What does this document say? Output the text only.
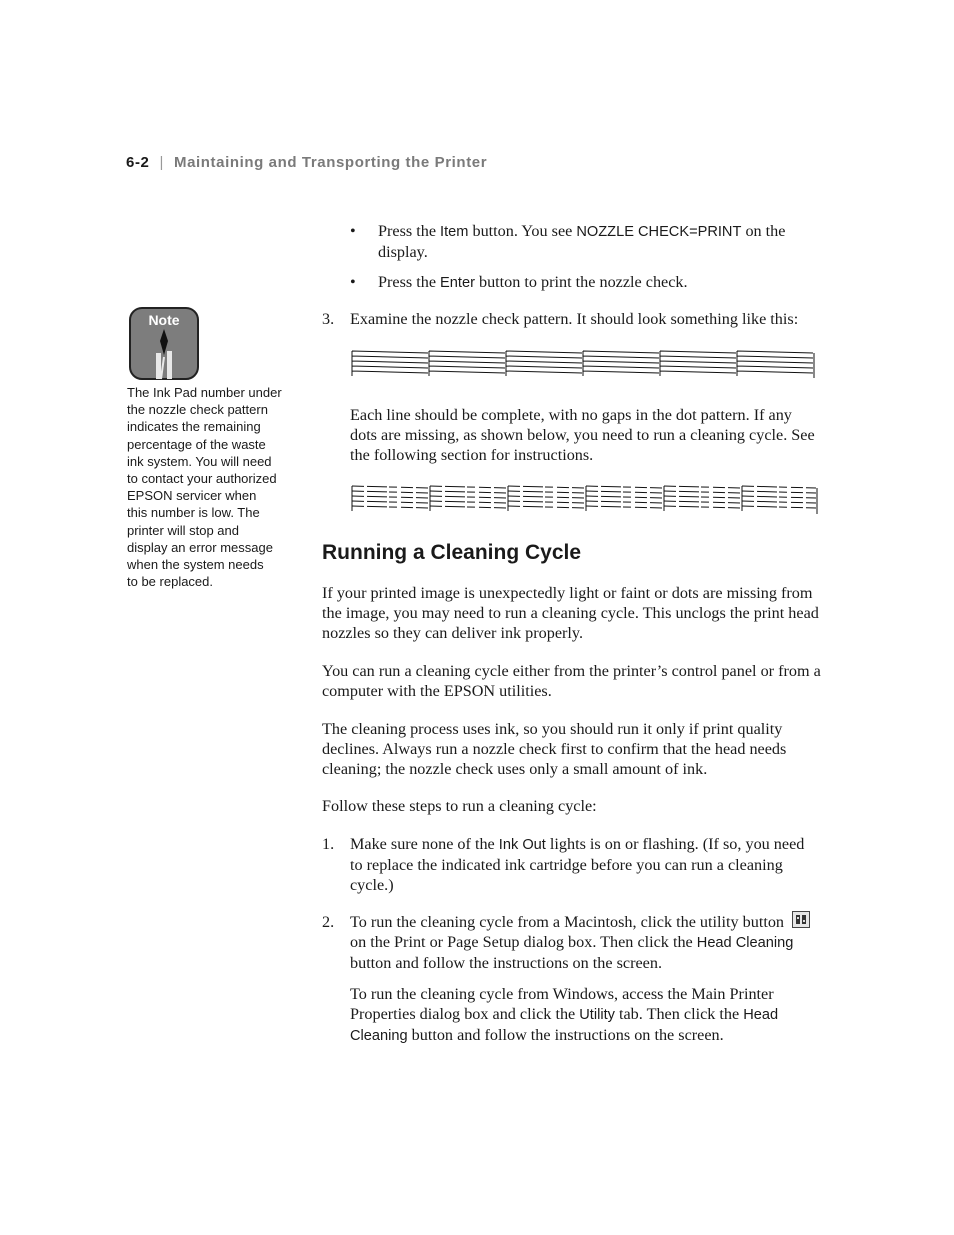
6-2 | Maintaining and Transporting the Printer
• Press the Item button. You see NOZZLE CHECK=PRINT on the
display.
• Press the Enter button to print the nozzle check.
Note
The Ink Pad number under
the nozzle check pattern
indicates the remaining
percentage of the waste
ink system. You will need
to contact your authorized
EPSON servicer when
this number is low. The
printer will stop and
display an error message
when the system needs
to be replaced.
3. Examine the nozzle check pattern. It should look something like this:
Each line should be complete, with no gaps in the dot pattern. If any
dots are missing, as shown below, you need to run a cleaning cycle. See
the following section for instructions.
Running a Cleaning Cycle
If your printed image is unexpectedly light or faint or dots are missing from
the image, you may need to run a cleaning cycle. This unclogs the print head
nozzles so they can deliver ink properly.
You can run a cleaning cycle either from the printer’s control panel or from a
computer with the EPSON utilities.
The cleaning process uses ink, so you should run it only if print quality
declines. Always run a nozzle check first to confirm that the head needs
cleaning; the nozzle check uses only a small amount of ink.
Follow these steps to run a cleaning cycle:
1. Make sure none of the Ink Out lights is on or flashing. (If so, you need
to replace the indicated ink cartridge before you can run a cleaning
cycle.)
2. To run the cleaning cycle from a Macintosh, click the utility button
on the Print or Page Setup dialog box. Then click the Head Cleaning
button and follow the instructions on the screen.
To run the cleaning cycle from Windows, access the Main Printer
Properties dialog box and click the Utility tab. Then click the Head
Cleaning button and follow the instructions on the screen.
